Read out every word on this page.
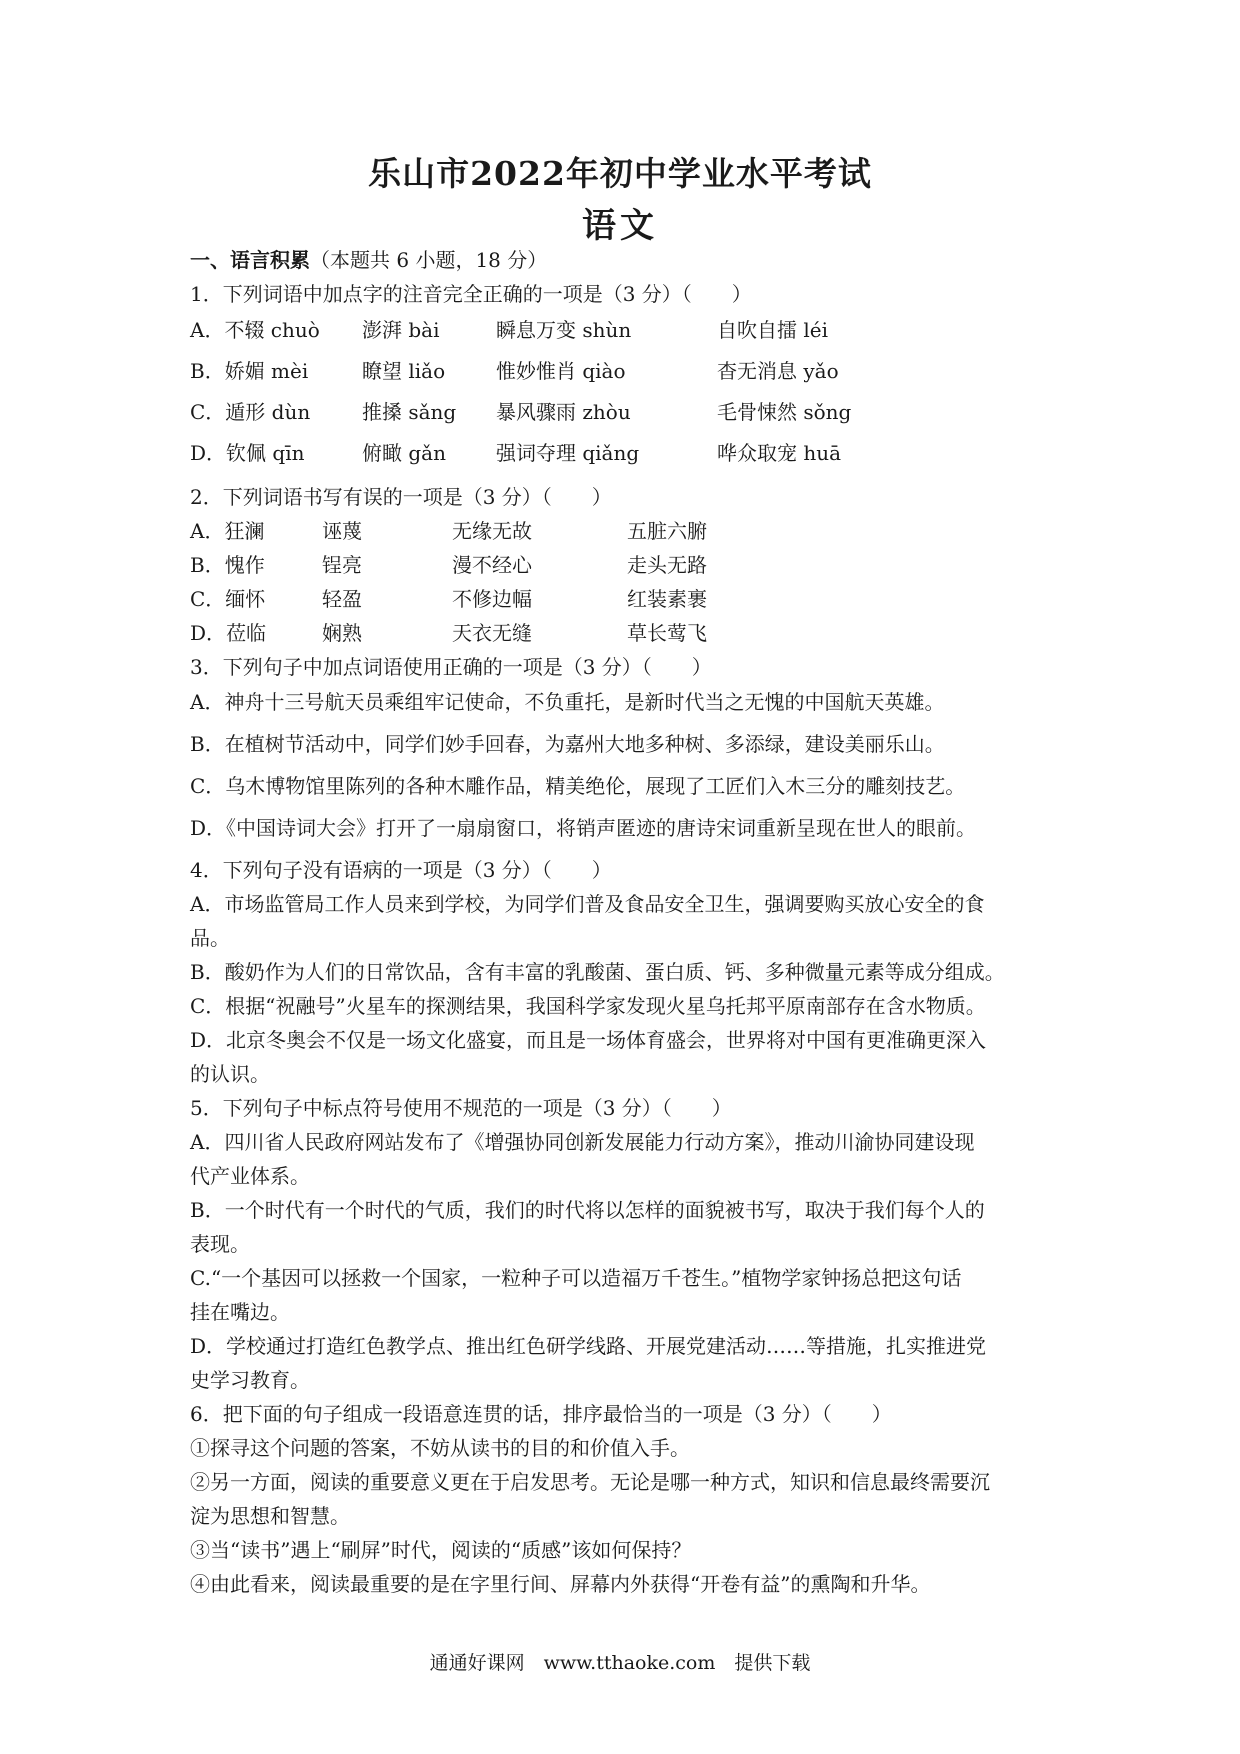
乐山市2022年初中学业水平考试
语文

一、语言积累（本题共 6 小题，18 分）

1．下列词语中加点字的注音完全正确的一项是（3 分）（　　）

A．不辍 chuò 澎湃 bài	瞬息万变 shùn	自吹自擂 léi
B．娇媚 mèi	瞭望 liǎo	惟妙惟肖 qiào	杳无消息 yǎo
C．遁形 dùn	推搡 sǎng 暴风骤雨 zhòu	毛骨悚然 sǒng
D．钦佩 qīn	俯瞰 gǎn	强词夺理 qiǎng	哗众取宠 huā

2．下列词语书写有误的一项是（3 分）（　　）

A．狂澜	诬蔑	无缘无故	五脏六腑
B．愧作	锃亮	漫不经心	走头无路
C．缅怀	轻盈	不修边幅	红装素裹
D．莅临	娴熟	天衣无缝	草长莺飞

3．下列句子中加点词语使用正确的一项是（3 分）（　　）

A．神舟十三号航天员乘组牢记使命，不负重托，是新时代当之无愧的中国航天英雄。

B．在植树节活动中，同学们妙手回春，为嘉州大地多种树、多添绿，建设美丽乐山。

C．乌木博物馆里陈列的各种木雕作品，精美绝伦，展现了工匠们入木三分的雕刻技艺。

D．《中国诗词大会》打开了一扇扇窗口，将销声匿迹的唐诗宋词重新呈现在世人的眼前。

4．下列句子没有语病的一项是（3 分）（　　）

A．市场监管局工作人员来到学校，为同学们普及食品安全卫生，强调要购买放心安全的食

品。

B．酸奶作为人们的日常饮品，含有丰富的乳酸菌、蛋白质、钙、多种微量元素等成分组成。

C．根据“祝融号”火星车的探测结果，我国科学家发现火星乌托邦平原南部存在含水物质。

D．北京冬奥会不仅是一场文化盛宴，而且是一场体育盛会，世界将对中国有更准确更深入

的认识。

5．下列句子中标点符号使用不规范的一项是（3 分）（　　）

A．四川省人民政府网站发布了《增强协同创新发展能力行动方案》，推动川渝协同建设现

代产业体系。

B．一个时代有一个时代的气质，我们的时代将以怎样的面貌被书写，取决于我们每个人的

表现。

C.“一个基因可以拯救一个国家，一粒种子可以造福万千苍生。”植物学家钟扬总把这句话

挂在嘴边。

D．学校通过打造红色教学点、推出红色研学线路、开展党建活动……等措施，扎实推进党

史学习教育。

6．把下面的句子组成一段语意连贯的话，排序最恰当的一项是（3 分）（　　）

①探寻这个问题的答案，不妨从读书的目的和价值入手。

②另一方面，阅读的重要意义更在于启发思考。无论是哪一种方式，知识和信息最终需要沉

淀为思想和智慧。

③当“读书”遇上“刷屏”时代，阅读的“质感”该如何保持？

④由此看来，阅读最重要的是在字里行间、屏幕内外获得“开卷有益”的熏陶和升华。

通通好课网　www.tthaoke.com　提供下载
